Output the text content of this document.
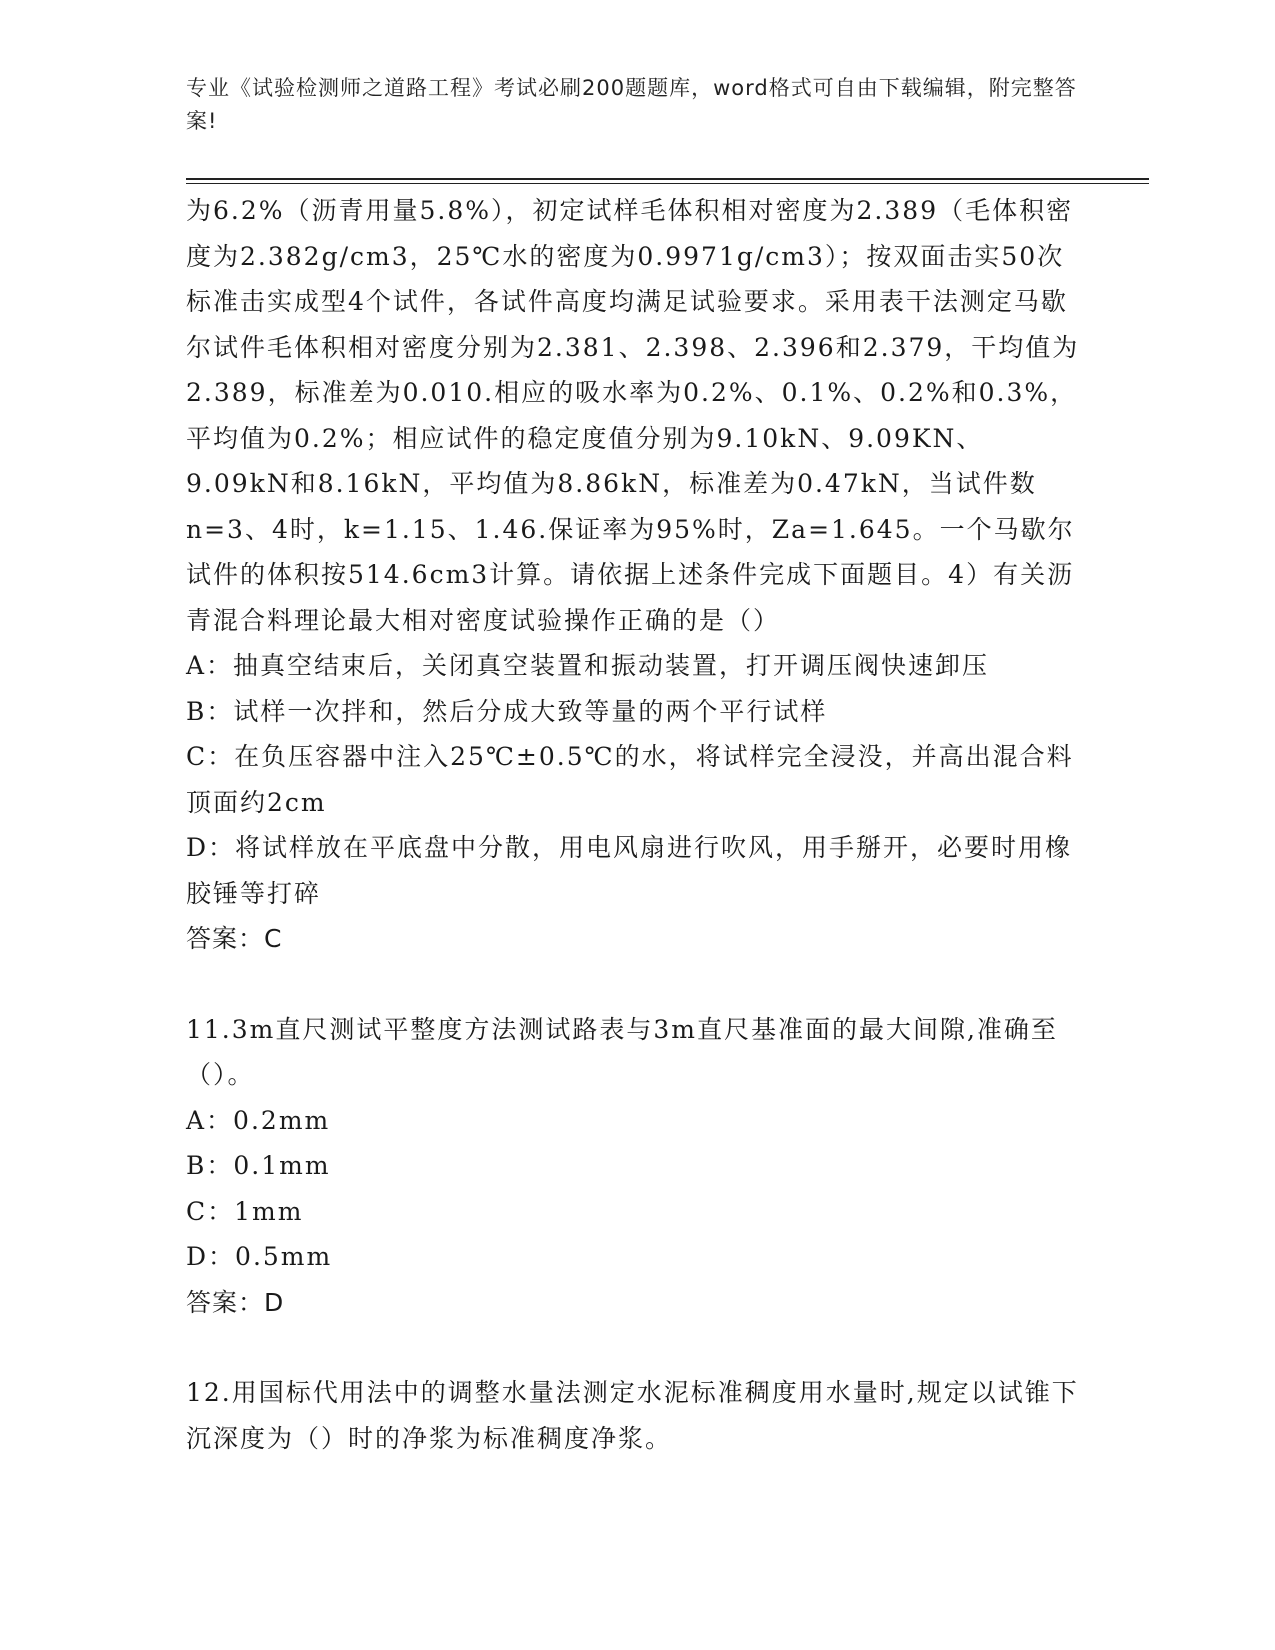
专业《试验检测师之道路工程》考试必刷200题题库，word格式可自由下载编辑，附完整答案!

为6.2%（沥青用量5.8%），初定试样毛体积相对密度为2.389（毛体积密度为2.382g/cm3，25℃水的密度为0.9971g/cm3）；按双面击实50次标准击实成型4个试件，各试件高度均满足试验要求。采用表干法测定马歇尔试件毛体积相对密度分别为2.381、2.398、2.396和2.379，干均值为2.389，标准差为0.010.相应的吸水率为0.2%、0.1%、0.2%和0.3%，平均值为0.2%；相应试件的稳定度值分别为9.10kN、9.09KN、9.09kN和8.16kN，平均值为8.86kN，标准差为0.47kN，当试件数n=3、4时，k=1.15、1.46.保证率为95%时，Za=1.645。一个马歇尔试件的体积按514.6cm3计算。请依据上述条件完成下面题目。4）有关沥青混合料理论最大相对密度试验操作正确的是（）

A：抽真空结束后，关闭真空装置和振动装置，打开调压阀快速卸压

B：试样一次拌和，然后分成大致等量的两个平行试样

C：在负压容器中注入25℃±0.5℃的水，将试样完全浸没，并高出混合料顶面约2cm

D：将试样放在平底盘中分散，用电风扇进行吹风，用手掰开，必要时用橡胶锤等打碎

答案：C

11.3m直尺测试平整度方法测试路表与3m直尺基准面的最大间隙,准确至（）。

A：0.2mm

B：0.1mm

C：1mm

D：0.5mm

答案：D

12.用国标代用法中的调整水量法测定水泥标准稠度用水量时,规定以试锥下沉深度为（）时的净浆为标准稠度净浆。
